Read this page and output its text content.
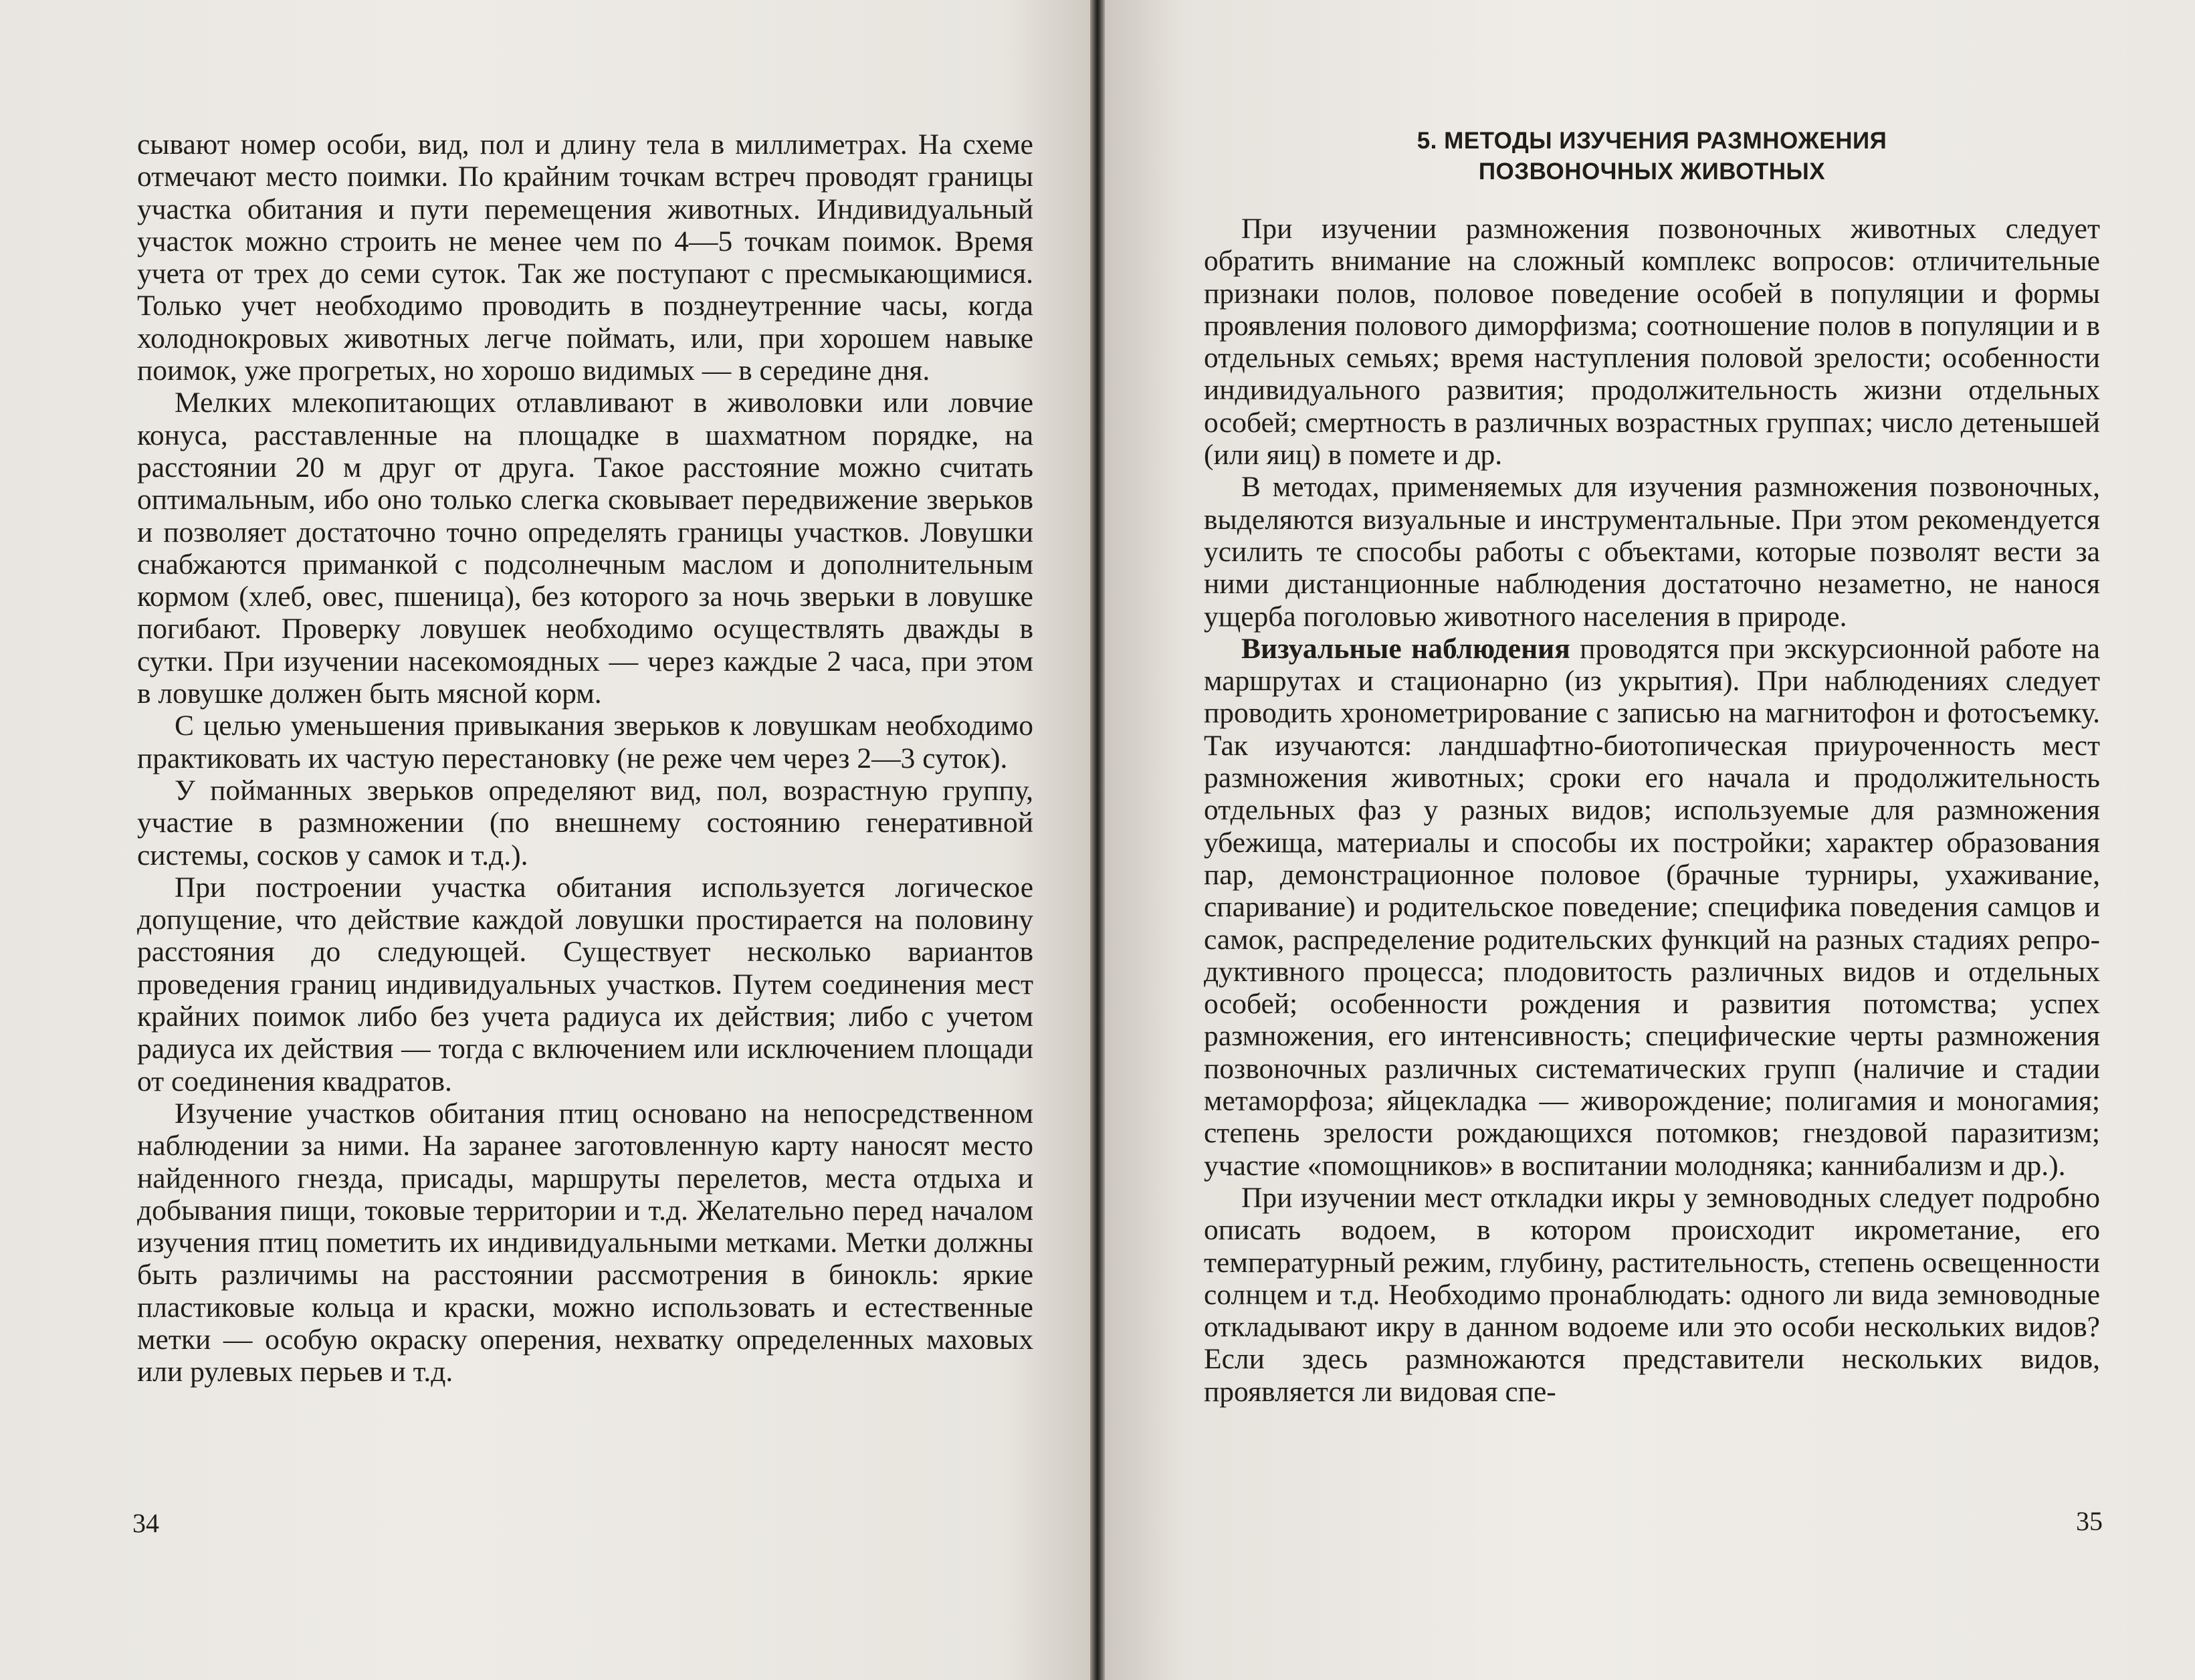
сывают номер особи, вид, пол и длину тела в миллиметрах. На схеме отмечают место поимки. По крайним точкам встреч проводят границы участка обитания и пути перемещения животных. Индивидуальный участок можно строить не менее чем по 4—5 точкам поимок. Время учета от трех до семи суток. Так же поступают с пресмыкающимися. Только учет необходимо проводить в позднеутренние часы, когда холоднокровых животных легче поймать, или, при хорошем навыке поимок, уже прогретых, но хорошо видимых — в середине дня.

Мелких млекопитающих отлавливают в живоловки или ловчие конуса, расставленные на площадке в шахматном порядке, на расстоянии 20 м друг от друга. Такое расстояние можно считать оптимальным, ибо оно только слегка сковывает передвижение зверьков и позволяет достаточно точно определять границы участков. Ловушки снабжаются приманкой с подсолнечным маслом и дополнительным кормом (хлеб, овес, пшеница), без которого за ночь зверьки в ловушке погибают. Проверку ловушек необходимо осуществлять дважды в сутки. При изучении насекомоядных — через каждые 2 часа, при этом в ловушке должен быть мясной корм.

С целью уменьшения привыкания зверьков к ловушкам необходимо практиковать их частую перестановку (не реже чем через 2—3 суток).

У пойманных зверьков определяют вид, пол, возрастную группу, участие в размножении (по внешнему состоянию генеративной системы, сосков у самок и т.д.).

При построении участка обитания используется логическое допущение, что действие каждой ловушки простирается на половину расстояния до следующей. Существует несколько вариантов проведения границ индивидуальных участков. Путем соединения мест крайних поимок либо без учета радиуса их действия; либо с учетом радиуса их действия — тогда с включением или исключением площади от соединения квадратов.

Изучение участков обитания птиц основано на непосредственном наблюдении за ними. На заранее заготовленную карту наносят место найденного гнезда, присады, маршруты перелетов, места отдыха и добывания пищи, токовые территории и т.д. Желательно перед началом изучения птиц пометить их индивидуальными метками. Метки должны быть различимы на расстоянии рассмотрения в бинокль: яркие пластиковые кольца и краски, можно использовать и естественные метки — особую окраску оперения, нехватку определенных маховых или рулевых перьев и т.д.

34
5. МЕТОДЫ ИЗУЧЕНИЯ РАЗМНОЖЕНИЯ
ПОЗВОНОЧНЫХ ЖИВОТНЫХ

При изучении размножения позвоночных животных следует обратить внимание на сложный комплекс вопросов: отличительные признаки полов, половое поведение особей в популяции и формы проявления полового диморфизма; соотношение полов в популяции и в отдельных семьях; время наступления половой зрелости; особенности индивидуального развития; продолжительность жизни отдельных особей; смертность в различных возрастных группах; число детенышей (или яиц) в помете и др.

В методах, применяемых для изучения размножения позвоночных, выделяются визуальные и инструментальные. При этом рекомендуется усилить те способы работы с объектами, которые позволят вести за ними дистанционные наблюдения достаточно незаметно, не нанося ущерба поголовью животного населения в природе.

Визуальные наблюдения проводятся при экскурсионной работе на маршрутах и стационарно (из укрытия). При наблюдениях следует проводить хронометрирование с записью на магнитофон и фотосъемку. Так изучаются: ландшафтно-биотопическая приуроченность мест размножения животных; сроки его начала и продолжительность отдельных фаз у разных видов; используемые для размножения убежища, материалы и способы их постройки; характер образования пар, демонстрационное половое (брачные турниры, ухаживание, спаривание) и родительское поведение; специфика поведения самцов и самок, распределение родительских функций на разных стадиях репродуктивного процесса; плодовитость различных видов и отдельных особей; особенности рождения и развития потомства; успех размножения, его интенсивность; специфические черты размножения позвоночных различных систематических групп (наличие и стадии метаморфоза; яйцекладка — живорождение; полигамия и моногамия; степень зрелости рождающихся потомков; гнездовой паразитизм; участие «помощников» в воспитании молодняка; каннибализм и др.).

При изучении мест откладки икры у земноводных следует подробно описать водоем, в котором происходит икрометание, его температурный режим, глубину, растительность, степень освещенности солнцем и т.д. Необходимо пронаблюдать: одного ли вида земноводные откладывают икру в данном водоеме или это особи нескольких видов? Если здесь размножаются представители нескольких видов, проявляется ли видовая спе-

35
